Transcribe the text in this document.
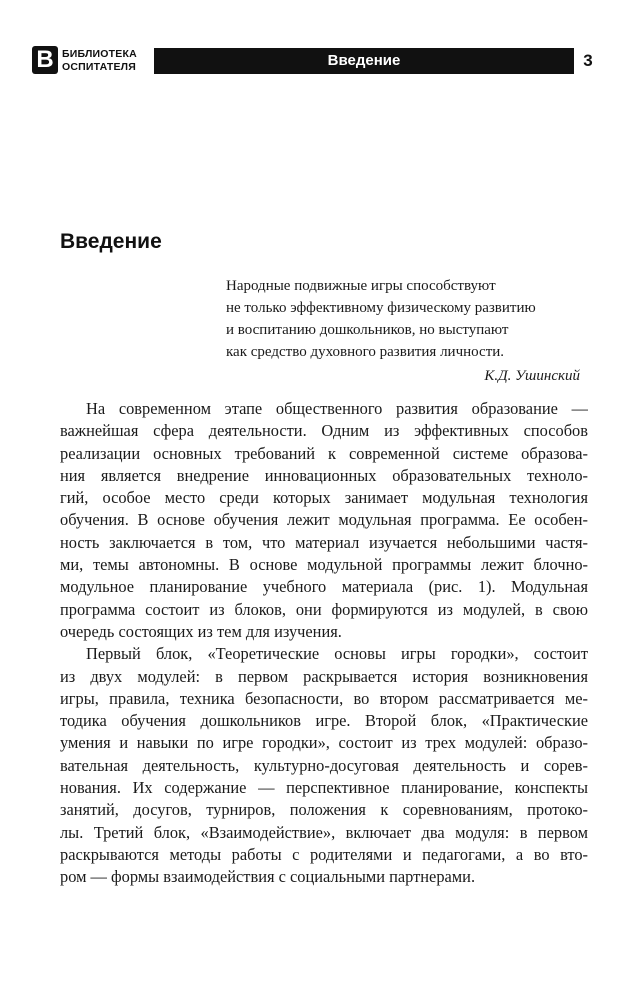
В БИБЛИОТЕКА
ОСПИТАТЕЛЯ	Введение	3
Введение
Народные подвижные игры способствуют
не только эффективному физическому развитию
и воспитанию дошкольников, но выступают
как средство духовного развития личности.
К.Д. Ушинский
На современном этапе общественного развития образование —
важнейшая сфера деятельности. Одним из эффективных способов
реализации основных требований к современной системе образова-
ния является внедрение инновационных образовательных техноло-
гий, особое место среди которых занимает модульная технология
обучения. В основе обучения лежит модульная программа. Ее особен-
ность заключается в том, что материал изучается небольшими частя-
ми, темы автономны. В основе модульной программы лежит блочно-
модульное планирование учебного материала (рис. 1). Модульная
программа состоит из блоков, они формируются из модулей, в свою
очередь состоящих из тем для изучения.
Первый блок, «Теоретические основы игры городки», состоит
из двух модулей: в первом раскрывается история возникновения
игры, правила, техника безопасности, во втором рассматривается ме-
тодика обучения дошкольников игре. Второй блок, «Практические
умения и навыки по игре городки», состоит из трех модулей: образо-
вательная деятельность, культурно-досуговая деятельность и сорев-
нования. Их содержание — перспективное планирование, конспекты
занятий, досугов, турниров, положения к соревнованиям, протоко-
лы. Третий блок, «Взаимодействие», включает два модуля: в первом
раскрываются методы работы с родителями и педагогами, а во вто-
ром — формы взаимодействия с социальными партнерами.
